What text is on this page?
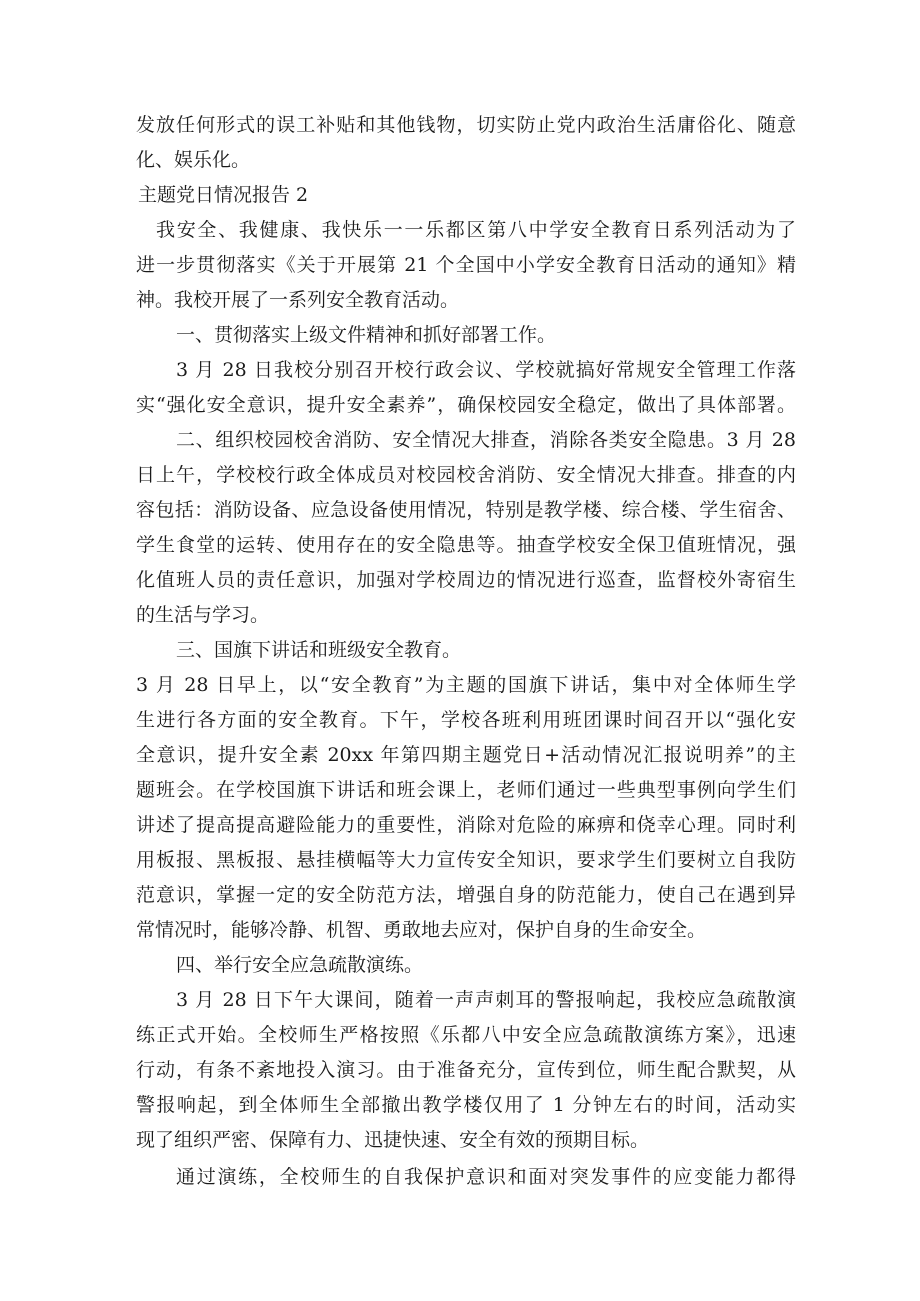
发放任何形式的误工补贴和其他钱物，切实防止党内政治生活庸俗化、随意
化、娱乐化。
主题党日情况报告 2
我安全、我健康、我快乐一一乐都区第八中学安全教育日系列活动为了
进一步贯彻落实《关于开展第 21 个全国中小学安全教育日活动的通知》精
神。我校开展了一系列安全教育活动。
一、贯彻落实上级文件精神和抓好部署工作。
3 月 28 日我校分别召开校行政会议、学校就搞好常规安全管理工作落
实“强化安全意识，提升安全素养”，确保校园安全稳定，做出了具体部署。
二、组织校园校舍消防、安全情况大排查，消除各类安全隐患。3 月 28
日上午，学校校行政全体成员对校园校舍消防、安全情况大排查。排查的内
容包括：消防设备、应急设备使用情况，特别是教学楼、综合楼、学生宿舍、
学生食堂的运转、使用存在的安全隐患等。抽查学校安全保卫值班情况，强
化值班人员的责任意识，加强对学校周边的情况进行巡查，监督校外寄宿生
的生活与学习。
三、国旗下讲话和班级安全教育。
3 月 28 日早上，以“安全教育”为主题的国旗下讲话，集中对全体师生学
生进行各方面的安全教育。下午，学校各班利用班团课时间召开以“强化安
全意识，提升安全素 20xx 年第四期主题党日+活动情况汇报说明养”的主
题班会。在学校国旗下讲话和班会课上，老师们通过一些典型事例向学生们
讲述了提高提高避险能力的重要性，消除对危险的麻痹和侥幸心理。同时利
用板报、黑板报、悬挂横幅等大力宣传安全知识，要求学生们要树立自我防
范意识，掌握一定的安全防范方法，增强自身的防范能力，使自己在遇到异
常情况时，能够冷静、机智、勇敢地去应对，保护自身的生命安全。
四、举行安全应急疏散演练。
3 月 28 日下午大课间，随着一声声刺耳的警报响起，我校应急疏散演
练正式开始。全校师生严格按照《乐都八中安全应急疏散演练方案》，迅速
行动，有条不紊地投入演习。由于准备充分，宣传到位，师生配合默契，从
警报响起，到全体师生全部撤出教学楼仅用了 1 分钟左右的时间，活动实
现了组织严密、保障有力、迅捷快速、安全有效的预期目标。
通过演练，全校师生的自我保护意识和面对突发事件的应变能力都得
